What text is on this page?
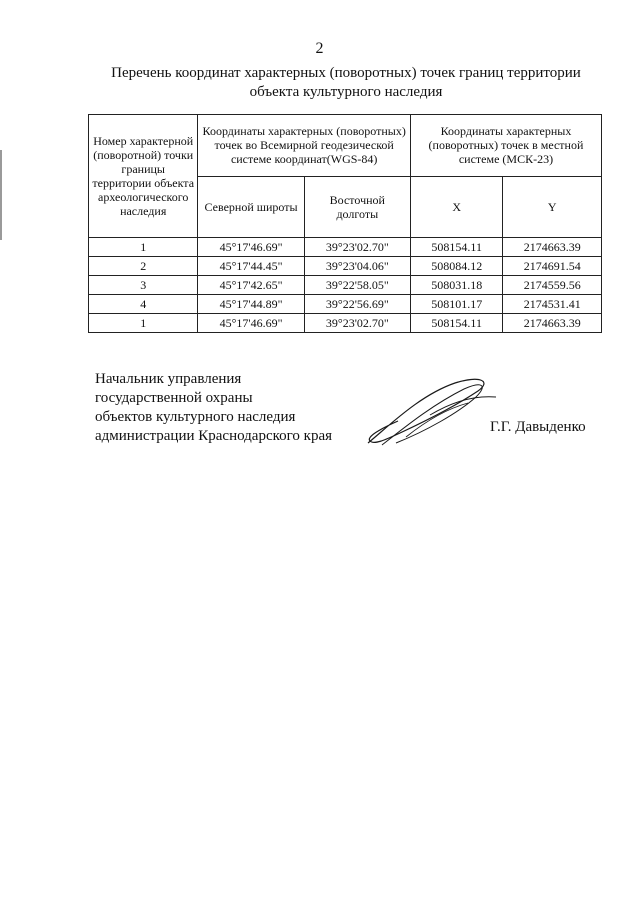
2
Перечень координат характерных (поворотных) точек границ территории
объекта культурного наследия
Номер характерной (поворотной) точки границы территории объекта археологического наследия	Координаты характерных (поворотных) точек во Всемирной геодезической системе координат(WGS-84)		Координаты характерных (поворотных) точек в местной системе (МСК-23)	
	Северной широты	Восточной долготы	X	Y
1	45°17'46.69"	39°23'02.70"	508154.11	2174663.39
2	45°17'44.45"	39°23'04.06"	508084.12	2174691.54
3	45°17'42.65"	39°22'58.05"	508031.18	2174559.56
4	45°17'44.89"	39°22'56.69"	508101.17	2174531.41
1	45°17'46.69"	39°23'02.70"	508154.11	2174663.39
Начальник управления
государственной охраны
объектов культурного наследия
администрации Краснодарского края
Г.Г. Давыденко
